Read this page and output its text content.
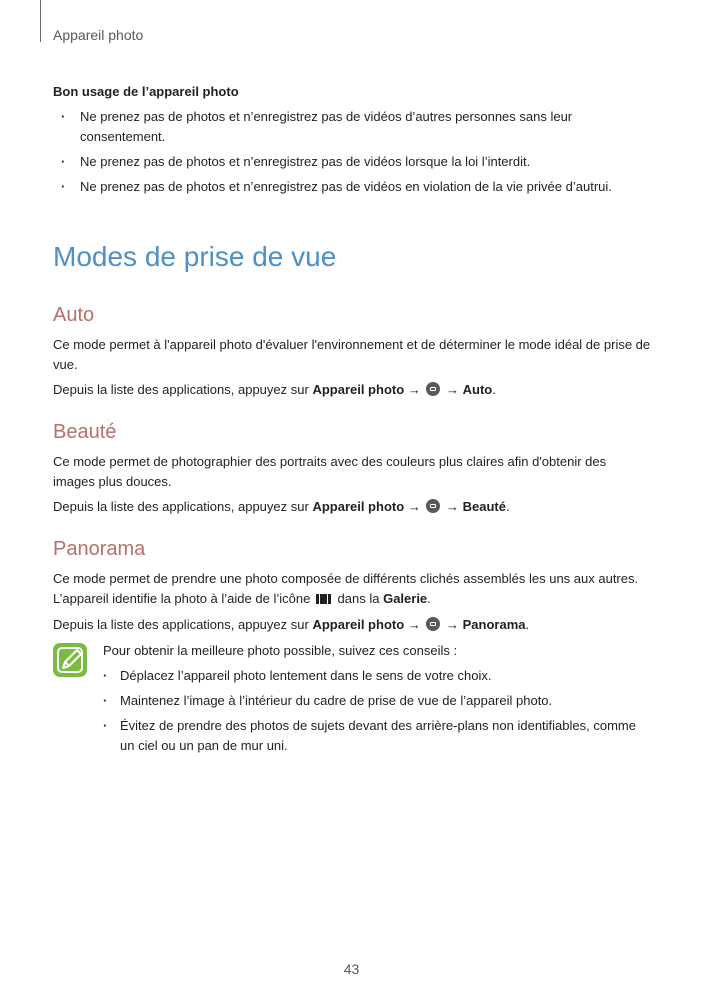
Appareil photo
Bon usage de l’appareil photo
· Ne prenez pas de photos et n’enregistrez pas de vidéos d’autres personnes sans leur consentement.
· Ne prenez pas de photos et n’enregistrez pas de vidéos lorsque la loi l’interdit.
· Ne prenez pas de photos et n’enregistrez pas de vidéos en violation de la vie privée d’autrui.
Modes de prise de vue
Auto

Ce mode permet à l'appareil photo d'évaluer l'environnement et de déterminer le mode idéal de prise de vue.

Depuis la liste des applications, appuyez sur Appareil photo →  → Auto.

Beauté

Ce mode permet de photographier des portraits avec des couleurs plus claires afin d'obtenir des images plus douces.

Depuis la liste des applications, appuyez sur Appareil photo →  → Beauté.

Panorama

Ce mode permet de prendre une photo composée de différents clichés assemblés les uns aux autres.
L’appareil identifie la photo à l’aide de l’icône  dans la Galerie.

Depuis la liste des applications, appuyez sur Appareil photo →  → Panorama.

Pour obtenir la meilleure photo possible, suivez ces conseils :

· Déplacez l’appareil photo lentement dans le sens de votre choix.
· Maintenez l’image à l’intérieur du cadre de prise de vue de l’appareil photo.
· Évitez de prendre des photos de sujets devant des arrière-plans non identifiables, comme un ciel ou un pan de mur uni.
43
